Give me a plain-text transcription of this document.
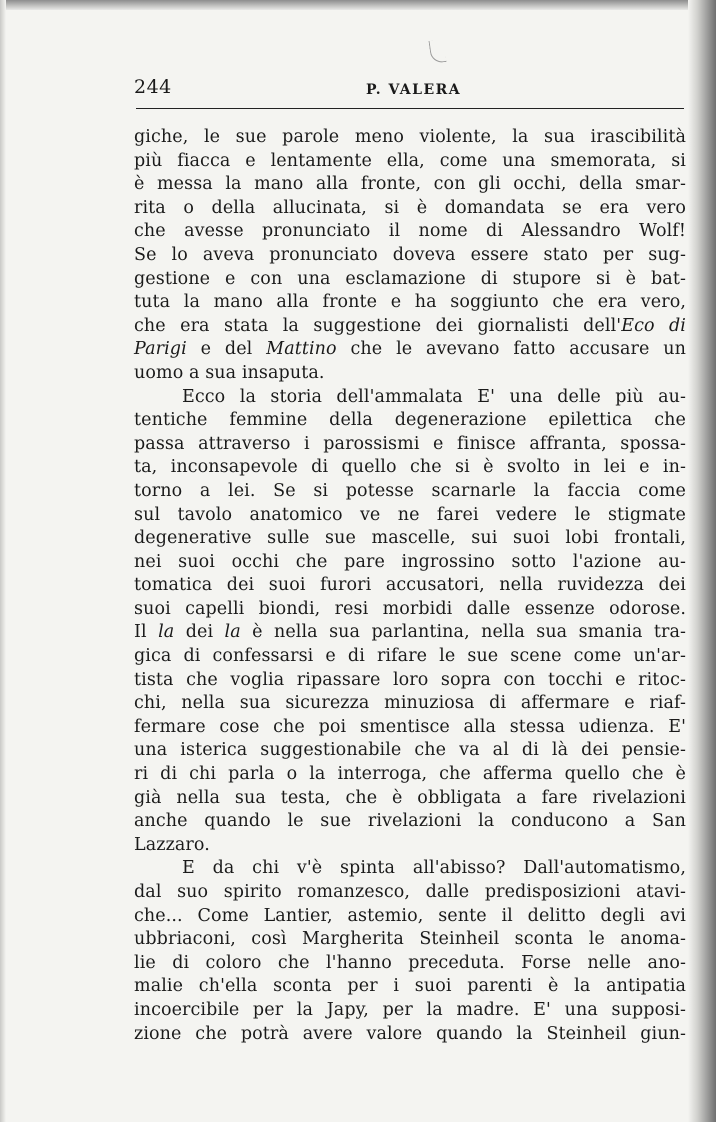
244	P. VALERA
giche, le sue parole meno violente, la sua irascibilità
più fiacca e lentamente ella, come una smemorata, si
è messa la mano alla fronte, con gli occhi, della smar-
rita o della allucinata, si è domandata se era vero
che avesse pronunciato il nome di Alessandro Wolf!
Se lo aveva pronunciato doveva essere stato per sug-
gestione e con una esclamazione di stupore si è bat-
tuta la mano alla fronte e ha soggiunto che era vero,
che era stata la suggestione dei giornalisti dell'Eco di
Parigi e del Mattino che le avevano fatto accusare un
uomo a sua insaputa.
Ecco la storia dell'ammalata E' una delle più au-
tentiche femmine della degenerazione epilettica che
passa attraverso i parossismi e finisce affranta, spossa-
ta, inconsapevole di quello che si è svolto in lei e in-
torno a lei. Se si potesse scarnarle la faccia come
sul tavolo anatomico ve ne farei vedere le stigmate
degenerative sulle sue mascelle, sui suoi lobi frontali,
nei suoi occhi che pare ingrossino sotto l'azione au-
tomatica dei suoi furori accusatori, nella ruvidezza dei
suoi capelli biondi, resi morbidi dalle essenze odorose.
Il la dei la è nella sua parlantina, nella sua smania tra-
gica di confessarsi e di rifare le sue scene come un'ar-
tista che voglia ripassare loro sopra con tocchi e ritoc-
chi, nella sua sicurezza minuziosa di affermare e riaf-
fermare cose che poi smentisce alla stessa udienza. E'
una isterica suggestionabile che va al di là dei pensie-
ri di chi parla o la interroga, che afferma quello che è
già nella sua testa, che è obbligata a fare rivelazioni
anche quando le sue rivelazioni la conducono a San
Lazzaro.
E da chi v'è spinta all'abisso? Dall'automatismo,
dal suo spirito romanzesco, dalle predisposizioni atavi-
che... Come Lantier, astemio, sente il delitto degli avi
ubbriaconi, così Margherita Steinheil sconta le anoma-
lie di coloro che l'hanno preceduta. Forse nelle ano-
malie ch'ella sconta per i suoi parenti è la antipatia
incoercibile per la Japy, per la madre. E' una supposi-
zione che potrà avere valore quando la Steinheil giun-
